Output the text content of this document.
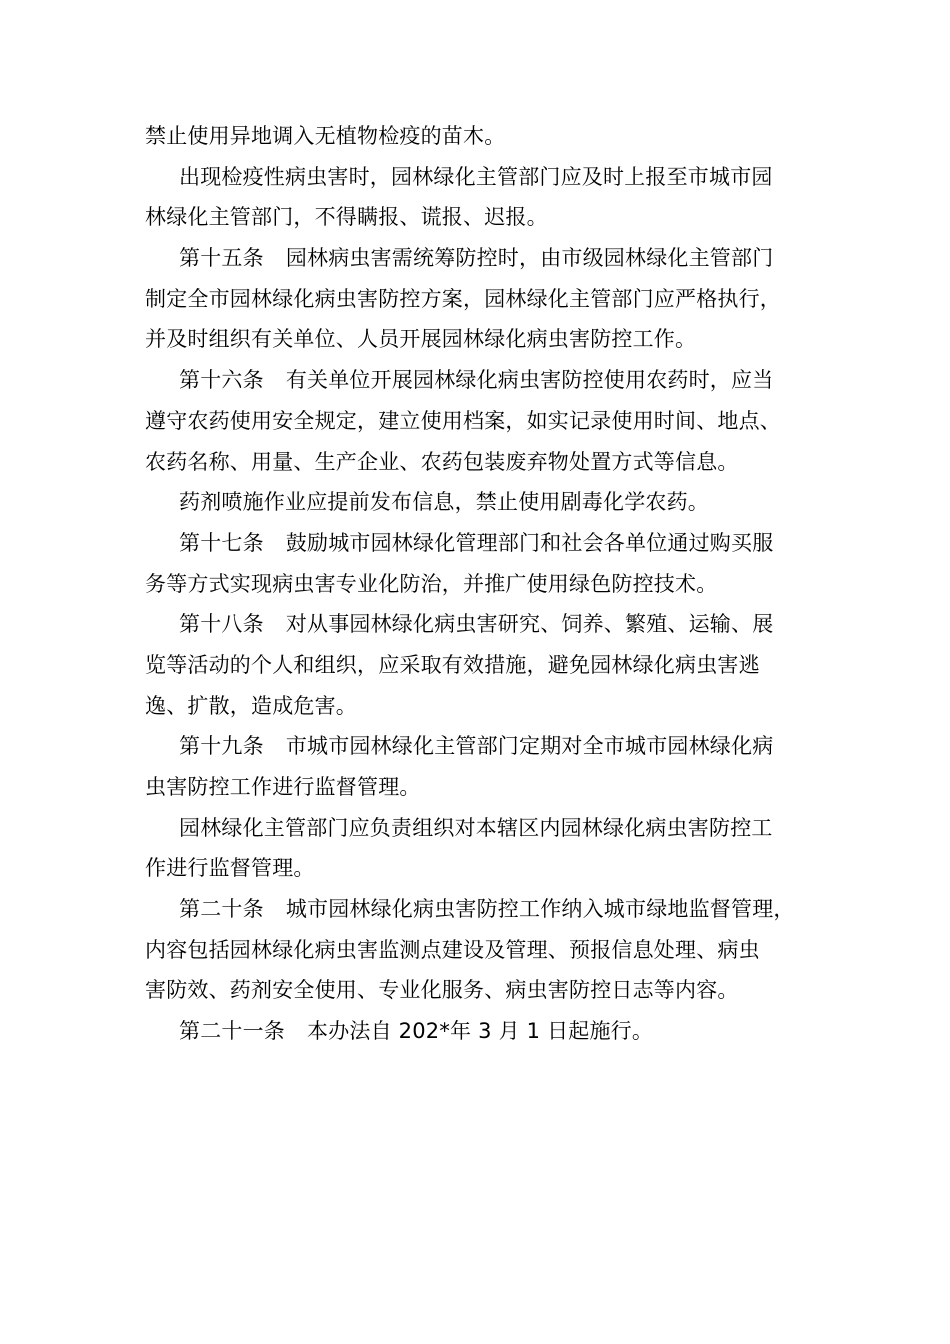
禁止使用异地调入无植物检疫的苗木。
出现检疫性病虫害时，园林绿化主管部门应及时上报至市城市园
林绿化主管部门，不得瞒报、谎报、迟报。
第十五条 园林病虫害需统筹防控时，由市级园林绿化主管部门
制定全市园林绿化病虫害防控方案，园林绿化主管部门应严格执行，
并及时组织有关单位、人员开展园林绿化病虫害防控工作。
第十六条 有关单位开展园林绿化病虫害防控使用农药时，应当
遵守农药使用安全规定，建立使用档案，如实记录使用时间、地点、
农药名称、用量、生产企业、农药包装废弃物处置方式等信息。
药剂喷施作业应提前发布信息，禁止使用剧毒化学农药。
第十七条 鼓励城市园林绿化管理部门和社会各单位通过购买服
务等方式实现病虫害专业化防治，并推广使用绿色防控技术。
第十八条 对从事园林绿化病虫害研究、饲养、繁殖、运输、展
览等活动的个人和组织，应采取有效措施，避免园林绿化病虫害逃
逸、扩散，造成危害。
第十九条 市城市园林绿化主管部门定期对全市城市园林绿化病
虫害防控工作进行监督管理。
园林绿化主管部门应负责组织对本辖区内园林绿化病虫害防控工
作进行监督管理。
第二十条 城市园林绿化病虫害防控工作纳入城市绿地监督管理，
内容包括园林绿化病虫害监测点建设及管理、预报信息处理、病虫
害防效、药剂安全使用、专业化服务、病虫害防控日志等内容。
第二十一条 本办法自 202*年 3 月 1 日起施行。
